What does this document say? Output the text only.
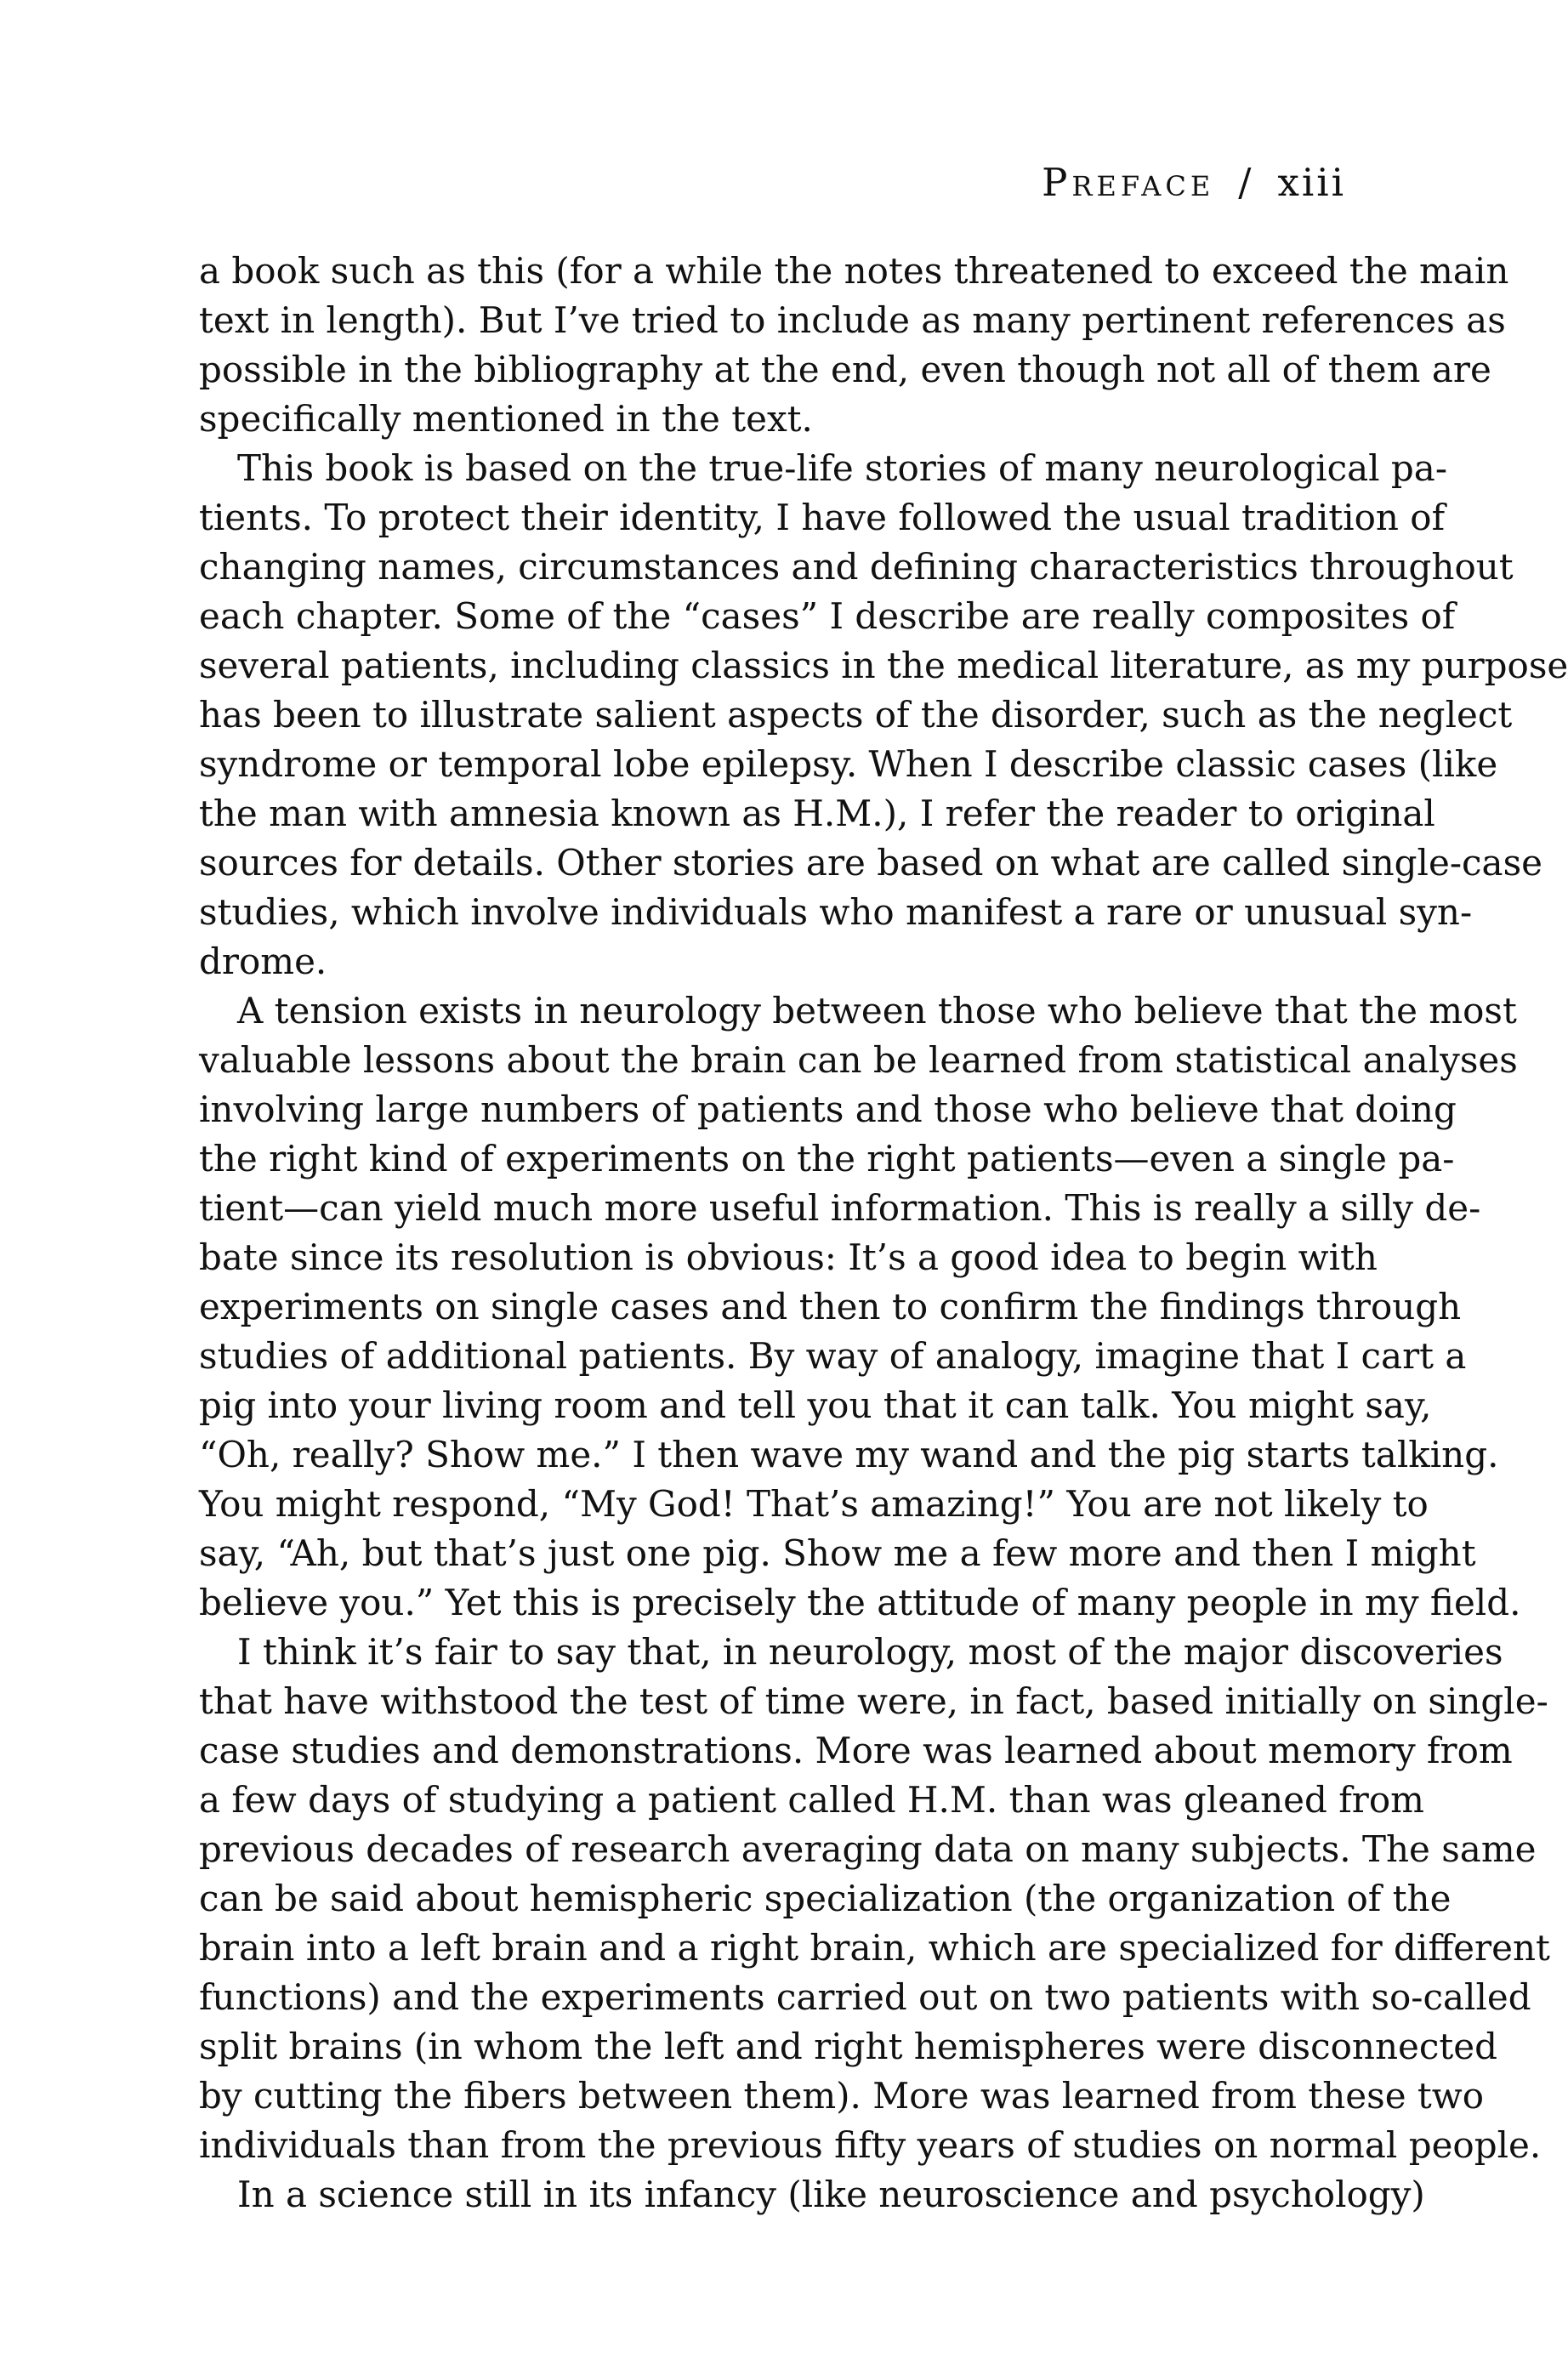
Preface / xiii

a book such as this (for a while the notes threatened to exceed the main
text in length). But I’ve tried to include as many pertinent references as
possible in the bibliography at the end, even though not all of them are
specifically mentioned in the text.

This book is based on the true-life stories of many neurological pa-
tients. To protect their identity, I have followed the usual tradition of
changing names, circumstances and defining characteristics throughout
each chapter. Some of the “cases” I describe are really composites of
several patients, including classics in the medical literature, as my purpose
has been to illustrate salient aspects of the disorder, such as the neglect
syndrome or temporal lobe epilepsy. When I describe classic cases (like
the man with amnesia known as H.M.), I refer the reader to original
sources for details. Other stories are based on what are called single-case
studies, which involve individuals who manifest a rare or unusual syn-
drome.

A tension exists in neurology between those who believe that the most
valuable lessons about the brain can be learned from statistical analyses
involving large numbers of patients and those who believe that doing
the right kind of experiments on the right patients—even a single pa-
tient—can yield much more useful information. This is really a silly de-
bate since its resolution is obvious: It’s a good idea to begin with
experiments on single cases and then to confirm the findings through
studies of additional patients. By way of analogy, imagine that I cart a
pig into your living room and tell you that it can talk. You might say,
“Oh, really? Show me.” I then wave my wand and the pig starts talking.
You might respond, “My God! That’s amazing!” You are not likely to
say, “Ah, but that’s just one pig. Show me a few more and then I might
believe you.” Yet this is precisely the attitude of many people in my field.

I think it’s fair to say that, in neurology, most of the major discoveries
that have withstood the test of time were, in fact, based initially on single-
case studies and demonstrations. More was learned about memory from
a few days of studying a patient called H.M. than was gleaned from
previous decades of research averaging data on many subjects. The same
can be said about hemispheric specialization (the organization of the
brain into a left brain and a right brain, which are specialized for different
functions) and the experiments carried out on two patients with so-called
split brains (in whom the left and right hemispheres were disconnected
by cutting the fibers between them). More was learned from these two
individuals than from the previous fifty years of studies on normal people.

In a science still in its infancy (like neuroscience and psychology)
